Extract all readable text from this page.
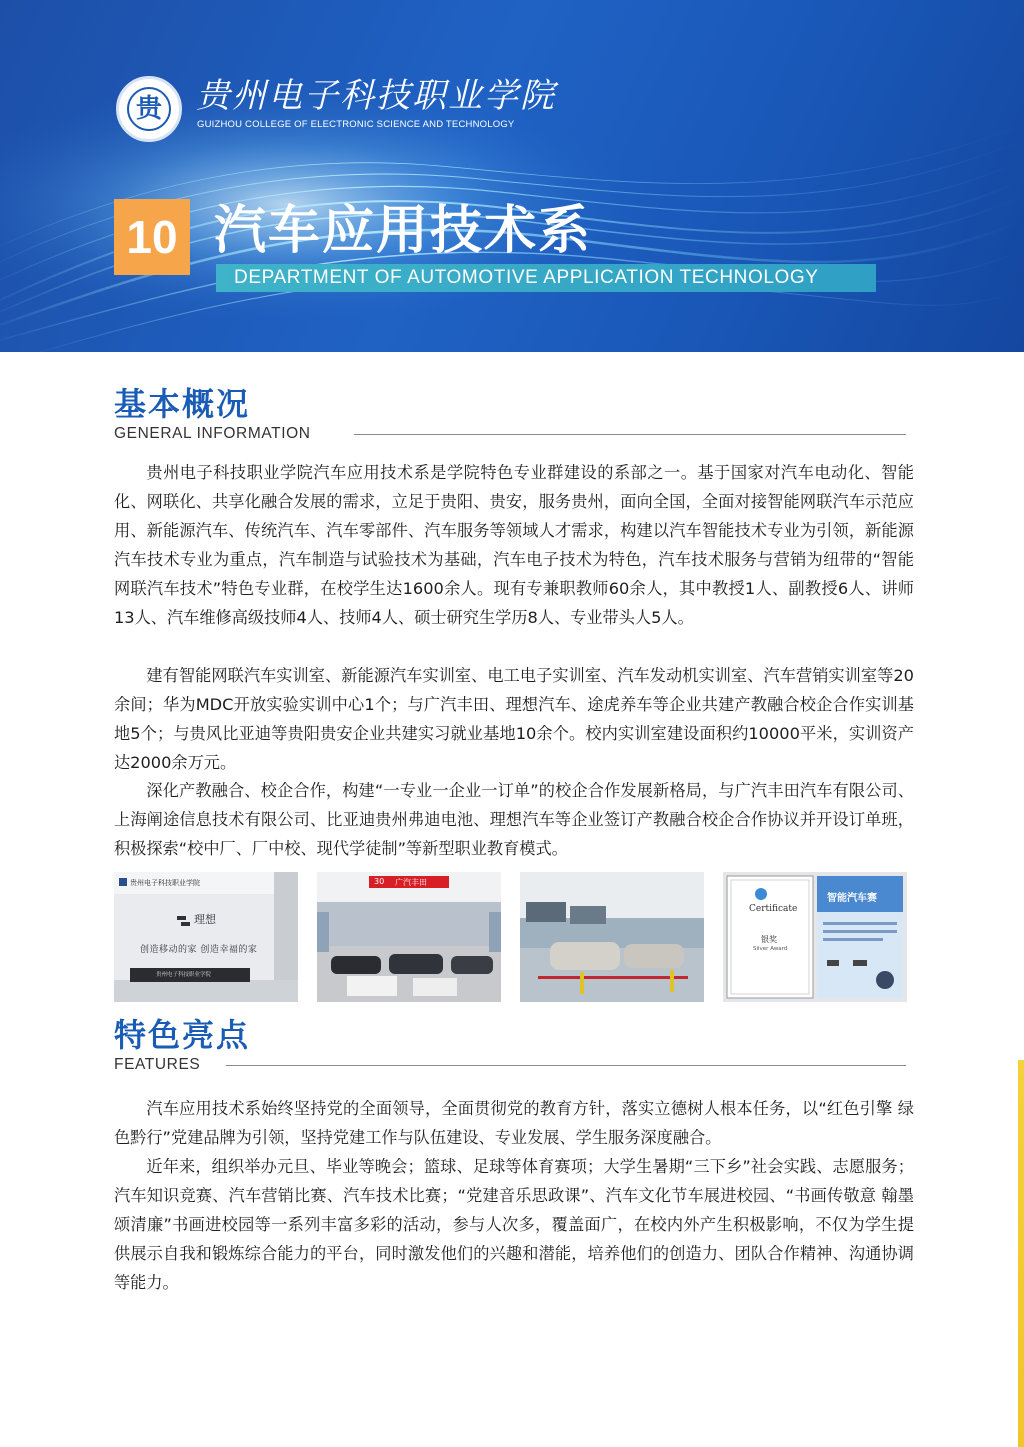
贵 贵州电子科技职业学院
GUIZHOU COLLEGE OF ELECTRONIC SCIENCE AND TECHNOLOGY
10 汽车应用技术系
DEPARTMENT OF AUTOMOTIVE APPLICATION TECHNOLOGY
基本概况
GENERAL INFORMATION

贵州电子科技职业学院汽车应用技术系是学院特色专业群建设的系部之一。基于国家对汽车电动化、智能化、网联化、共享化融合发展的需求，立足于贵阳、贵安，服务贵州，面向全国，全面对接智能网联汽车示范应用、新能源汽车、传统汽车、汽车零部件、汽车服务等领域人才需求，构建以汽车智能技术专业为引领，新能源汽车技术专业为重点，汽车制造与试验技术为基础，汽车电子技术为特色，汽车技术服务与营销为纽带的“智能网联汽车技术”特色专业群，在校学生达1600余人。现有专兼职教师60余人，其中教授1人、副教授6人、讲师13人、汽车维修高级技师4人、技师4人、硕士研究生学历8人、专业带头人5人。

建有智能网联汽车实训室、新能源汽车实训室、电工电子实训室、汽车发动机实训室、汽车营销实训室等20余间；华为MDC开放实验实训中心1个；与广汽丰田、理想汽车、途虎养车等企业共建产教融合校企合作实训基地5个；与贵风比亚迪等贵阳贵安企业共建实习就业基地10余个。校内实训室建设面积约10000平米，实训资产达2000余万元。

深化产教融合、校企合作，构建“一专业一企业一订单”的校企合作发展新格局，与广汽丰田汽车有限公司、上海阐途信息技术有限公司、比亚迪贵州弗迪电池、理想汽车等企业签订产教融合校企合作协议并开设订单班，积极探索“校中厂、厂中校、现代学徒制”等新型职业教育模式。

贵州电子科技职业学院
理想
创造移动的家 创造幸福的家
贵州电子科技职业学院
30 广汽丰田
Certificate
银奖
Silver Award
智能汽车赛
特色亮点
FEATURES

汽车应用技术系始终坚持党的全面领导，全面贯彻党的教育方针，落实立德树人根本任务，以“红色引擎 绿色黔行”党建品牌为引领，坚持党建工作与队伍建设、专业发展、学生服务深度融合。

近年来，组织举办元旦、毕业等晚会；篮球、足球等体育赛项；大学生暑期“三下乡”社会实践、志愿服务；汽车知识竞赛、汽车营销比赛、汽车技术比赛；“党建音乐思政课”、汽车文化节车展进校园、“书画传敬意 翰墨颂清廉”书画进校园等一系列丰富多彩的活动，参与人次多，覆盖面广，在校内外产生积极影响，不仅为学生提供展示自我和锻炼综合能力的平台，同时激发他们的兴趣和潜能，培养他们的创造力、团队合作精神、沟通协调等能力。
